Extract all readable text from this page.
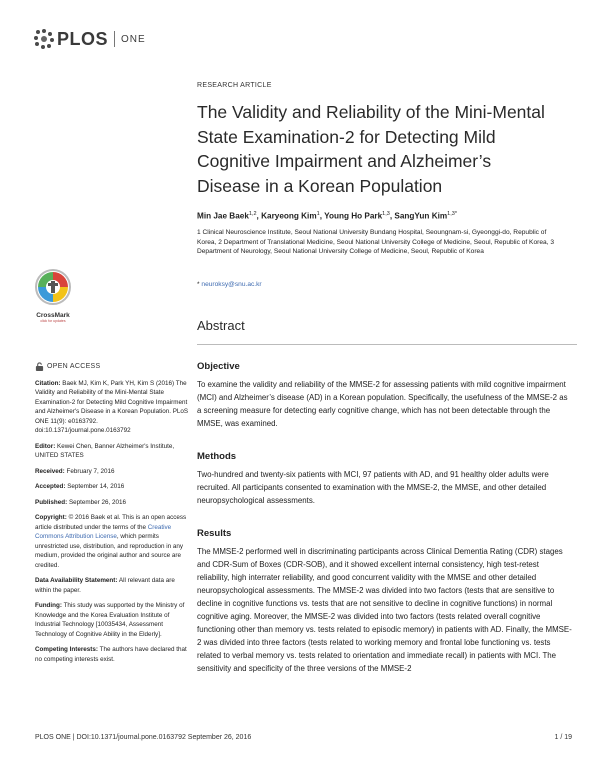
PLOS ONE
CrossMark
click for updates
OPEN ACCESS
Citation: Baek MJ, Kim K, Park YH, Kim S (2016) The Validity and Reliability of the Mini-Mental State Examination-2 for Detecting Mild Cognitive Impairment and Alzheimer's Disease in a Korean Population. PLoS ONE 11(9): e0163792. doi:10.1371/journal.pone.0163792
Editor: Kewei Chen, Banner Alzheimer's Institute, UNITED STATES
Received: February 7, 2016
Accepted: September 14, 2016
Published: September 26, 2016
Copyright: © 2016 Baek et al. This is an open access article distributed under the terms of the Creative Commons Attribution License, which permits unrestricted use, distribution, and reproduction in any medium, provided the original author and source are credited.
Data Availability Statement: All relevant data are within the paper.
Funding: This study was supported by the Ministry of Knowledge and the Korea Evaluation Institute of Industrial Technology [10035434, Assessment Technology of Cognitive Ability in the Elderly].
Competing Interests: The authors have declared that no competing interests exist.
RESEARCH ARTICLE
The Validity and Reliability of the Mini-Mental State Examination-2 for Detecting Mild Cognitive Impairment and Alzheimer’s Disease in a Korean Population
Min Jae Baek$^{1,2}$, Karyeong Kim$^1$, Young Ho Park$^{1,3}$, SangYun Kim$^{1,3*}$
1 Clinical Neuroscience Institute, Seoul National University Bundang Hospital, Seoungnam-si, Gyeonggi-do, Republic of Korea, 2 Department of Translational Medicine, Seoul National University College of Medicine, Seoul, Republic of Korea, 3 Department of Neurology, Seoul National University College of Medicine, Seoul, Republic of Korea
* neuroksy@snu.ac.kr
Abstract
Objective
To examine the validity and reliability of the MMSE-2 for assessing patients with mild cognitive impairment (MCI) and Alzheimer’s disease (AD) in a Korean population. Specifically, the usefulness of the MMSE-2 as a screening measure for detecting early cognitive change, which has not been detectable through the MMSE, was examined.
Methods
Two-hundred and twenty-six patients with MCI, 97 patients with AD, and 91 healthy older adults were recruited. All participants consented to examination with the MMSE-2, the MMSE, and other detailed neuropsychological assessments.
Results
The MMSE-2 performed well in discriminating participants across Clinical Dementia Rating (CDR) stages and CDR-Sum of Boxes (CDR-SOB), and it showed excellent internal consistency, high test-retest reliability, high interrater reliability, and good concurrent validity with the MMSE and other detailed neuropsychological assessments. The MMSE-2 was divided into two factors (tests that are sensitive to decline in cognitive functions vs. tests that are not sensitive to decline in cognitive functions) in normal cognitive aging. Moreover, the MMSE-2 was divided into two factors (tests related overall cognitive functioning other than memory vs. tests related to episodic memory) in patients with AD. Finally, the MMSE-2 was divided into three factors (tests related to working memory and frontal lobe functioning vs. tests related to verbal memory vs. tests related to orientation and immediate recall) in patients with MCI. The sensitivity and specificity of the three versions of the MMSE-2
PLOS ONE | DOI:10.1371/journal.pone.0163792 September 26, 2016	1 / 19
